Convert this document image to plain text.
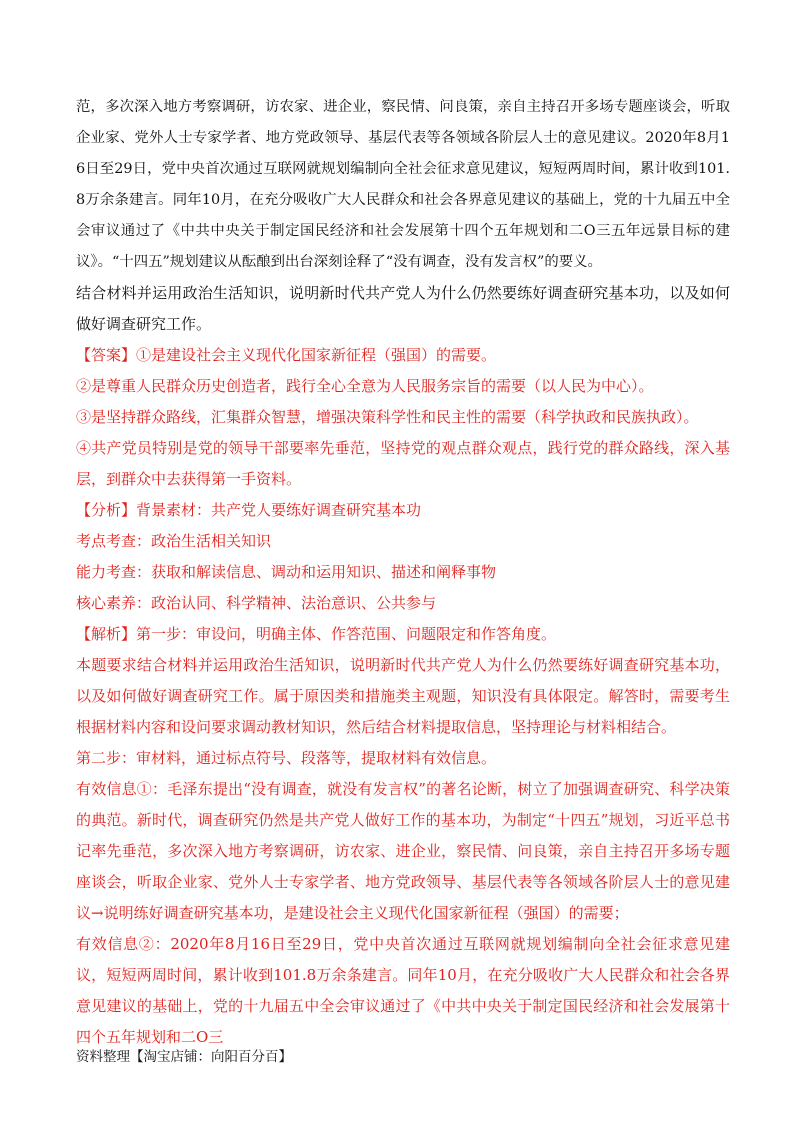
范，多次深入地方考察调研，访农家、进企业，察民情、问良策，亲自主持召开多场专题座谈会，听取企业家、党外人士专家学者、地方党政领导、基层代表等各领域各阶层人士的意见建议。2020年8月16日至29日，党中央首次通过互联网就规划编制向全社会征求意见建议，短短两周时间，累计收到101.8万余条建言。同年10月，在充分吸收广大人民群众和社会各界意见建议的基础上，党的十九届五中全会审议通过了《中共中央关于制定国民经济和社会发展第十四个五年规划和二O三五年远景目标的建议》。“十四五”规划建议从酝酿到出台深刻诠释了“没有调查，没有发言权”的要义。

结合材料并运用政治生活知识，说明新时代共产党人为什么仍然要练好调查研究基本功，以及如何做好调查研究工作。

【答案】①是建设社会主义现代化国家新征程（强国）的需要。

②是尊重人民群众历史创造者，践行全心全意为人民服务宗旨的需要（以人民为中心）。

③是坚持群众路线，汇集群众智慧，增强决策科学性和民主性的需要（科学执政和民族执政）。

④共产党员特别是党的领导干部要率先垂范，坚持党的观点群众观点，践行党的群众路线，深入基层，到群众中去获得第一手资料。

【分析】背景素材：共产党人要练好调查研究基本功

考点考查：政治生活相关知识

能力考查：获取和解读信息、调动和运用知识、描述和阐释事物

核心素养：政治认同、科学精神、法治意识、公共参与

【解析】第一步：审设问，明确主体、作答范围、问题限定和作答角度。

本题要求结合材料并运用政治生活知识，说明新时代共产党人为什么仍然要练好调查研究基本功，以及如何做好调查研究工作。属于原因类和措施类主观题，知识没有具体限定。解答时，需要考生根据材料内容和设问要求调动教材知识，然后结合材料提取信息，坚持理论与材料相结合。

第二步：审材料，通过标点符号、段落等，提取材料有效信息。

有效信息①：毛泽东提出“没有调查，就没有发言权”的著名论断，树立了加强调查研究、科学决策的典范。新时代，调查研究仍然是共产党人做好工作的基本功，为制定“十四五”规划，习近平总书记率先垂范，多次深入地方考察调研，访农家、进企业，察民情、问良策，亲自主持召开多场专题座谈会，听取企业家、党外人士专家学者、地方党政领导、基层代表等各领域各阶层人士的意见建议→说明练好调查研究基本功，是建设社会主义现代化国家新征程（强国）的需要；

有效信息②：2020年8月16日至29日，党中央首次通过互联网就规划编制向全社会征求意见建议，短短两周时间，累计收到101.8万余条建言。同年10月，在充分吸收广大人民群众和社会各界意见建议的基础上，党的十九届五中全会审议通过了《中共中央关于制定国民经济和社会发展第十四个五年规划和二O三

资料整理【淘宝店铺：向阳百分百】
